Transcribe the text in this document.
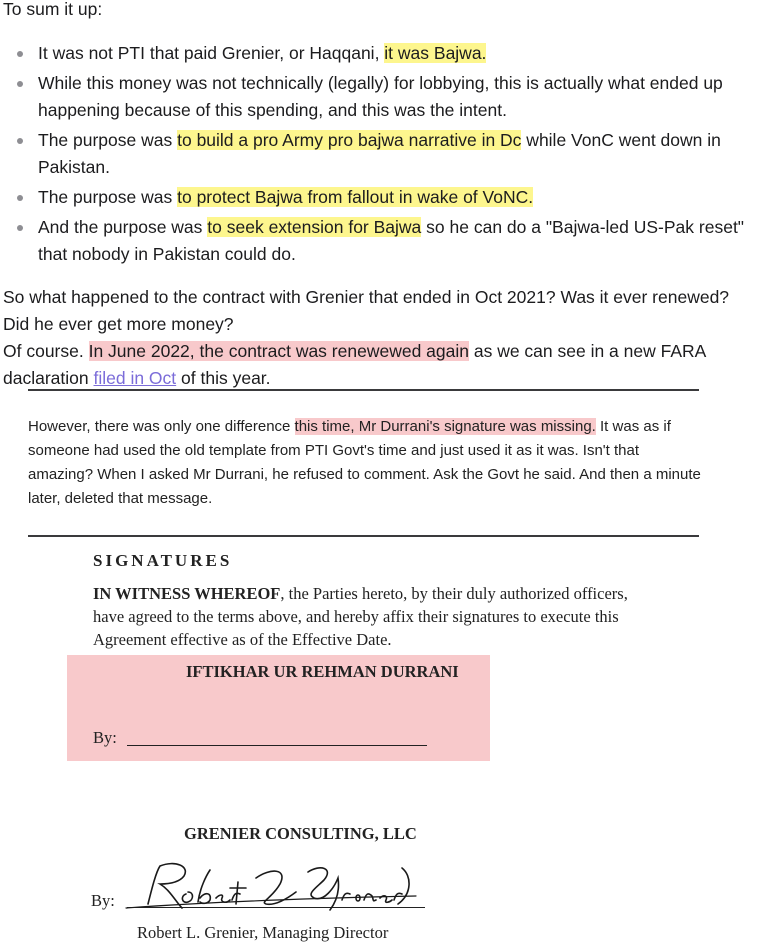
To sum it up:
It was not PTI that paid Grenier, or Haqqani, it was Bajwa.
While this money was not technically (legally) for lobbying, this is actually what ended up happening because of this spending, and this was the intent.
The purpose was to build a pro Army pro bajwa narrative in Dc while VonC went down in Pakistan.
The purpose was to protect Bajwa from fallout in wake of VoNC.
And the purpose was to seek extension for Bajwa so he can do a "Bajwa-led US-Pak reset" that nobody in Pakistan could do.
So what happened to the contract with Grenier that ended in Oct 2021? Was it ever renewed?
Did he ever get more money?
Of course. In June 2022, the contract was renewewed again as we can see in a new FARA
daclaration filed in Oct of this year.
However, there was only one difference this time, Mr Durrani's signature was missing. It was as if someone had used the old template from PTI Govt's time and just used it as it was. Isn't that amazing? When I asked Mr Durrani, he refused to comment. Ask the Govt he said. And then a minute later, deleted that message.
SIGNATURES
IN WITNESS WHEREOF, the Parties hereto, by their duly authorized officers,
have agreed to the terms above, and hereby affix their signatures to execute this
Agreement effective as of the Effective Date.
IFTIKHAR UR REHMAN DURRANI
By:
GRENIER CONSULTING, LLC
By:
Robert L. Grenier, Managing Director
